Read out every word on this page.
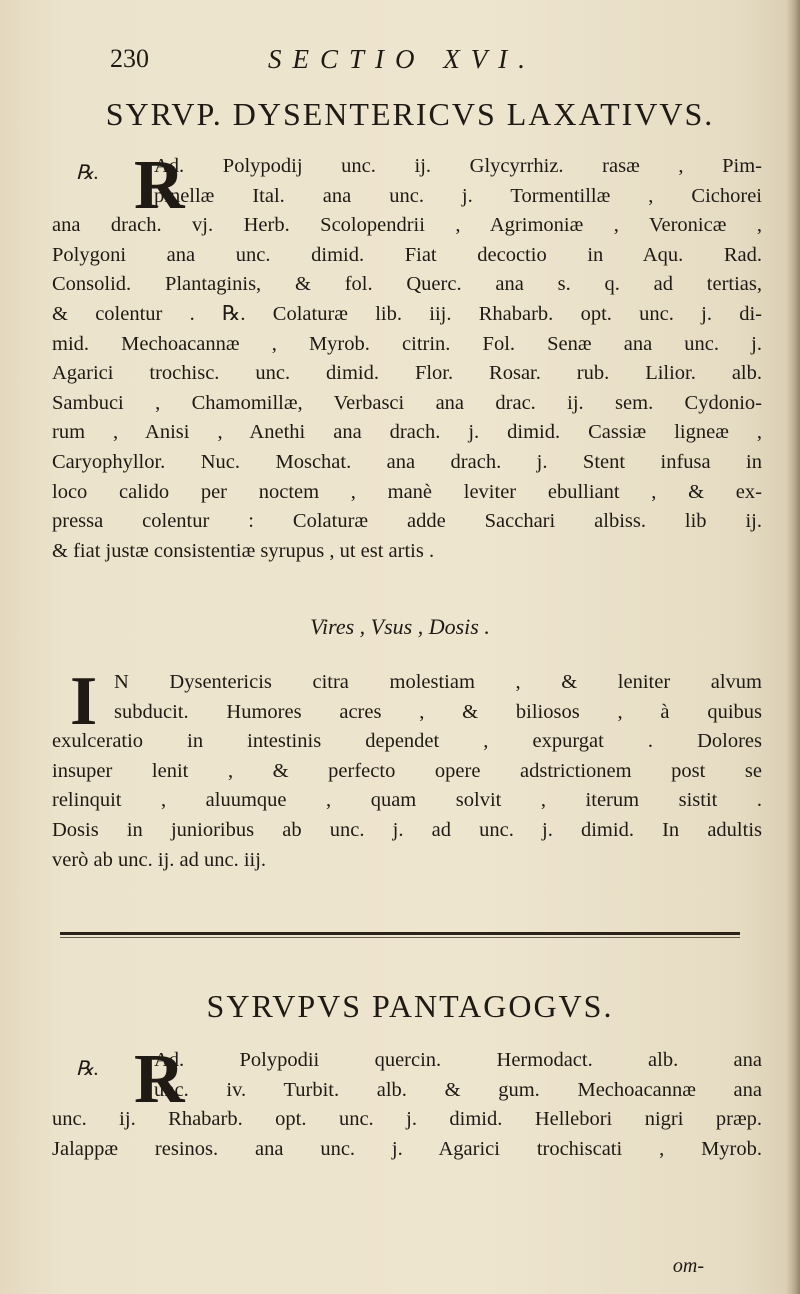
230	SECTIO XVI.
SYRVP. DYSENTERICVS LAXATIVVS.
℞. R
Ad. Polypodij unc. ij. Glycyrrhiz. rasæ , Pim-
pinellæ Ital. ana unc. j. Tormentillæ , Cichorei
ana drach. vj. Herb. Scolopendrii , Agrimoniæ , Veronicæ ,
Polygoni ana unc. dimid. Fiat decoctio in Aqu. Rad.
Consolid. Plantaginis, & fol. Querc. ana s. q. ad tertias,
& colentur . ℞. Colaturæ lib. iij. Rhabarb. opt. unc. j. di-
mid. Mechoacannæ , Myrob. citrin. Fol. Senæ ana unc. j.
Agarici trochisc. unc. dimid. Flor. Rosar. rub. Lilior. alb.
Sambuci , Chamomillæ, Verbasci ana drac. ij. sem. Cydonio-
rum , Anisi , Anethi ana drach. j. dimid. Cassiæ ligneæ ,
Caryophyllor. Nuc. Moschat. ana drach. j. Stent infusa in
loco calido per noctem , manè leviter ebulliant , & ex-
pressa colentur : Colaturæ adde Sacchari albiss. lib ij.
& fiat justæ consistentiæ syrupus , ut est artis .
Vires , Vsus , Dosis .
I N Dysentericis citra molestiam , & leniter alvum
subducit. Humores acres , & biliosos , à quibus
exulceratio in intestinis dependet , expurgat . Dolores
insuper lenit , & perfecto opere adstrictionem post se
relinquit , aluumque , quam solvit , iterum sistit .
Dosis in junioribus ab unc. j. ad unc. j. dimid. In adultis
verò ab unc. ij. ad unc. iij.
SYRVPVS PANTAGOGVS.
℞. R
Ad. Polypodii quercin. Hermodact. alb. ana
unc. iv. Turbit. alb. & gum. Mechoacannæ ana
unc. ij. Rhabarb. opt. unc. j. dimid. Hellebori nigri præp.
Jalappæ resinos. ana unc. j. Agarici trochiscati , Myrob.
om-
